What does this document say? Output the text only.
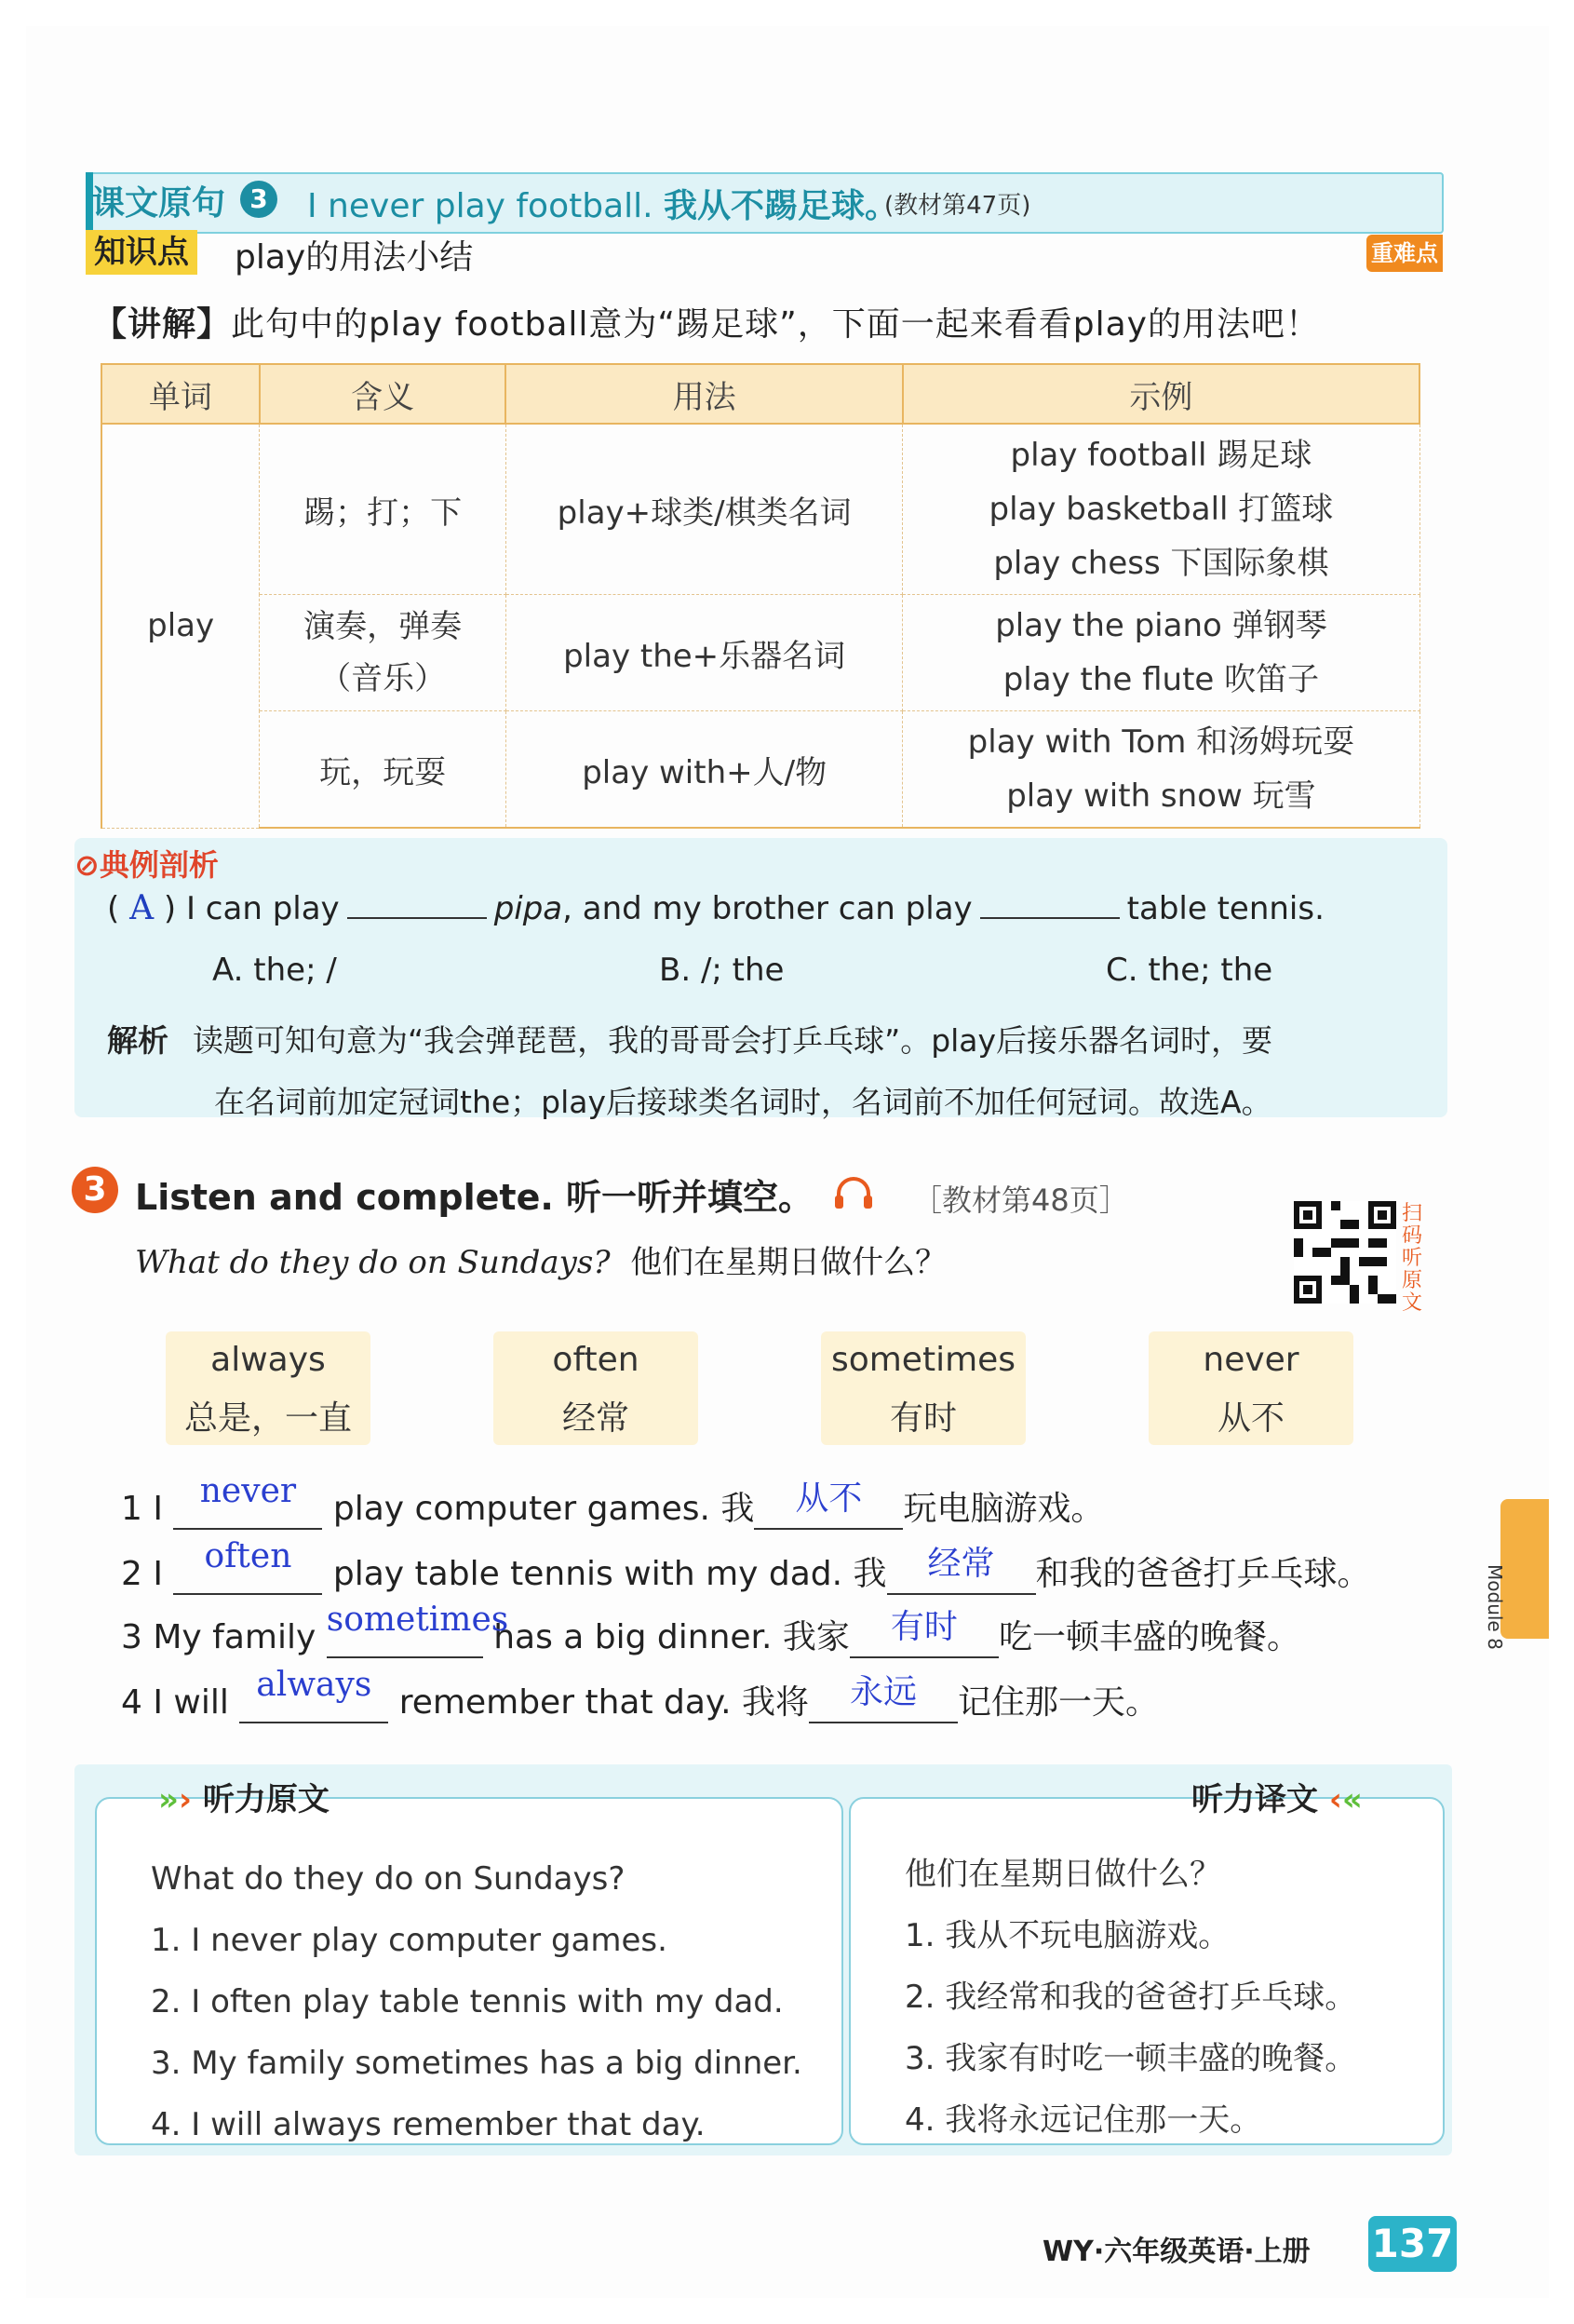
课文原句 3 I never play football. 我从不踢足球。
(教材第47页)
知识点 play的用法小结	重难点
【讲解】此句中的play football意为“踢足球”，下面一起来看看play的用法吧！
单词	含义	用法	示例
play	踢；打；下	play+球类/棋类名词	play football 踢足球
play basketball 打篮球
play chess 下国际象棋

	演奏，弹奏（音乐）	play the+乐器名词	play the piano 弹钢琴
play the flute 吹笛子

	玩，玩耍	play with+人/物	play with Tom 和汤姆玩耍
play with snow 玩雪
⊘典例剖析
( A ) I can play	pipa, and my brother can play	table tennis.
A. the; /	B. /; the	C. the; the
解析 读题可知句意为“我会弹琵琶，我的哥哥会打乒乓球”。play后接乐器名词时，要
在名词前加定冠词the；play后接球类名词时，名词前不加任何冠词。故选A。
3 Listen and complete. 听一听并填空。	［教材第48页］	扫码听原文
What do they do on Sundays? 他们在星期日做什么？
always
总是，一直
often
经常
sometimes
有时
never
从不
1 I never play computer games. 我 从不 玩电脑游戏。
2 I often play table tennis with my dad. 我 经常 和我的爸爸打乒乓球。
3 My family sometimes has a big dinner. 我家 有时 吃一顿丰盛的晚餐。
4 I will always remember that day. 我将 永远 记住那一天。
Module 8
»› 听力原文	听力译文 ‹«
What do they do on Sundays?
1. I never play computer games.
2. I often play table tennis with my dad.
3. My family sometimes has a big dinner.
4. I will always remember that day.
他们在星期日做什么？
1. 我从不玩电脑游戏。
2. 我经常和我的爸爸打乒乓球。
3. 我家有时吃一顿丰盛的晚餐。
4. 我将永远记住那一天。
WY·六年级英语·上册 137
